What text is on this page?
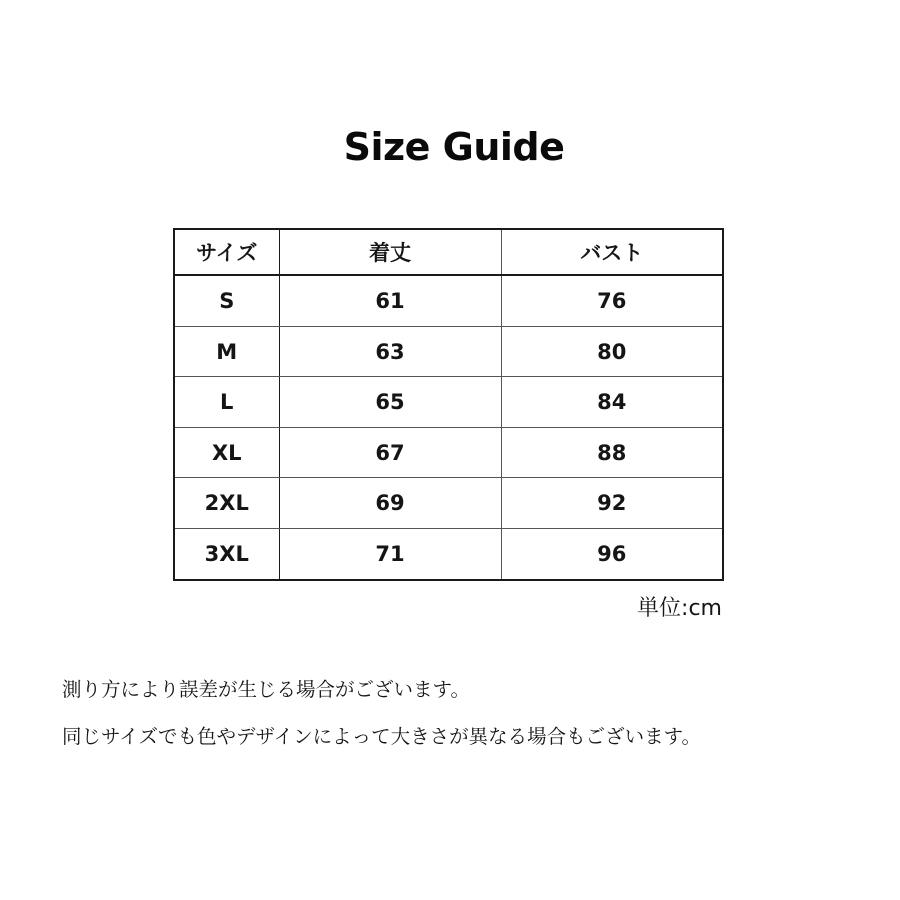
Size Guide
サイズ	着丈	バスト
S	61	76
M	63	80
L	65	84
XL	67	88
2XL	69	92
3XL	71	96
単位:cm
測り方により誤差が生じる場合がございます。
同じサイズでも色やデザインによって大きさが異なる場合もございます。
